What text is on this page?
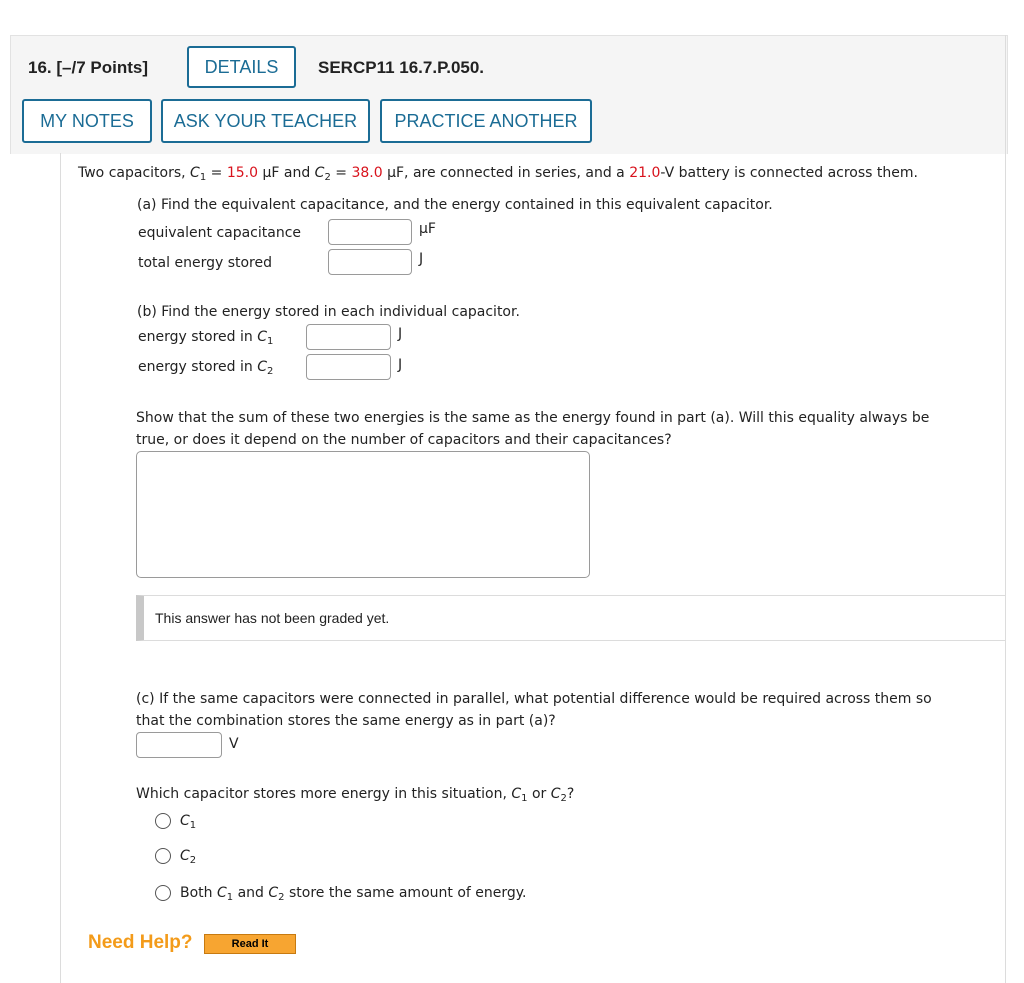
16. [–/7 Points]	DETAILS	SERCP11 16.7.P.050.
MY NOTES	ASK YOUR TEACHER	PRACTICE ANOTHER
Two capacitors, $C_1 = 15.0$ μF and $C_2 = 38.0$ μF, are connected in series, and a 21.0-V battery is connected across them.
(a) Find the equivalent capacitance, and the energy contained in this equivalent capacitor.
equivalent capacitance	μF
total energy stored	J
(b) Find the energy stored in each individual capacitor.
energy stored in $C_1$	J
energy stored in $C_2$	J
Show that the sum of these two energies is the same as the energy found in part (a). Will this equality always be
true, or does it depend on the number of capacitors and their capacitances?
This answer has not been graded yet.
(c) If the same capacitors were connected in parallel, what potential difference would be required across them so
that the combination stores the same energy as in part (a)?
V
Which capacitor stores more energy in this situation, $C_1$ or $C_2$?
$C_1$
$C_2$
Both $C_1$ and $C_2$ store the same amount of energy.
Need Help?	Read It
